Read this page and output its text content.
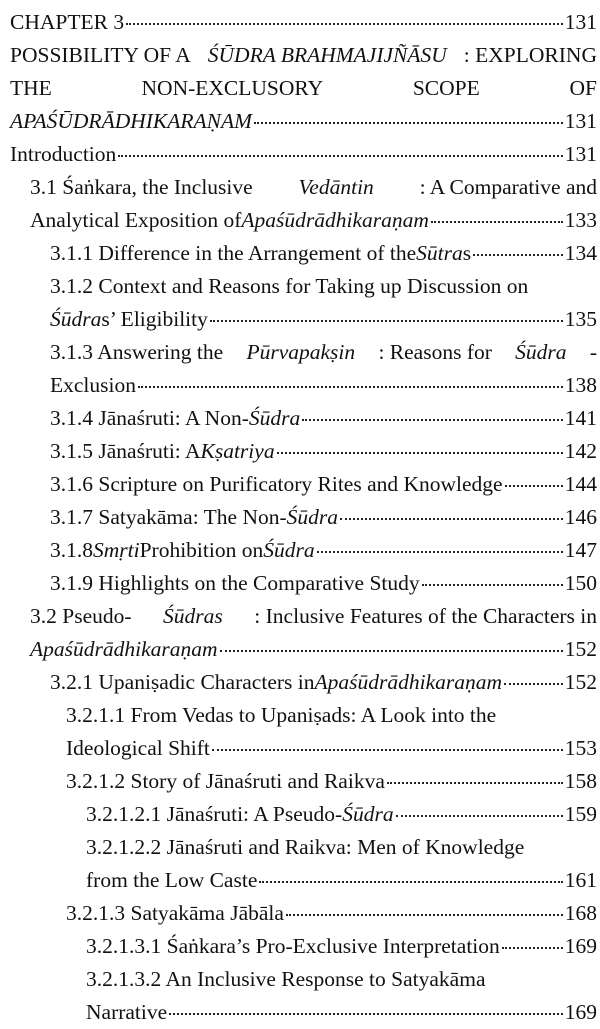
CHAPTER 3	131
POSSIBILITY OF A ŚŪDRA BRAHMAJIJÑĀSU : EXPLORING
THE	NON-EXCLUSORY	SCOPE	OF
APAŚŪDRĀDHIKARAṆAM	131
Introduction	131
3.1 Śaṅkara, the Inclusive Vedāntin : A Comparative and
Analytical Exposition of Apaśūdrādhikaraṇam	133
3.1.1 Difference in the Arrangement of the Sūtra s	134
3.1.2 Context and Reasons for Taking up Discussion on
Śūdra s’ Eligibility	135
3.1.3 Answering the Pūrvapakṣin : Reasons for Śūdra -
Exclusion	138
3.1.4 Jānaśruti: A Non- Śūdra	141
3.1.5 Jānaśruti: A Kṣatriya	142
3.1.6 Scripture on Purificatory Rites and Knowledge	144
3.1.7 Satyakāma: The Non- Śūdra	146
3.1.8 Smṛti Prohibition on Śūdra	147
3.1.9 Highlights on the Comparative Study	150
3.2 Pseudo- Śūdras : Inclusive Features of the Characters in
Apaśūdrādhikaraṇam	152
3.2.1 Upaniṣadic Characters in Apaśūdrādhikaraṇam	152
3.2.1.1 From Vedas to Upaniṣads: A Look into the
Ideological Shift	153
3.2.1.2 Story of Jānaśruti and Raikva	158
3.2.1.2.1 Jānaśruti: A Pseudo- Śūdra	159
3.2.1.2.2 Jānaśruti and Raikva: Men of Knowledge
from the Low Caste	161
3.2.1.3 Satyakāma Jābāla	168
3.2.1.3.1 Śaṅkara’s Pro-Exclusive Interpretation	169
3.2.1.3.2 An Inclusive Response to Satyakāma
Narrative	169
